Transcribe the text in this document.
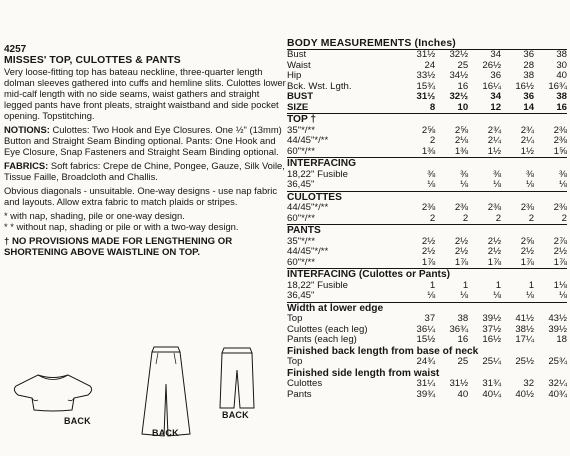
4257
MISSES' TOP, CULOTTES & PANTS

Very loose-fitting top has bateau neckline, three-quarter length dolman sleeves gathered into cuffs and hemline slits. Culottes lower mid-calf length with no side seams, waist gathers and straight legged pants have front pleats, straight waistband and side pocket opening. Topstitching.

NOTIONS: Culottes: Two Hook and Eye Closures. One ½" (13mm) Button and Straight Seam Binding optional. Pants: One Hook and Eye Closure, Snap Fasteners and Straight Seam Binding optional.

FABRICS: Soft fabrics: Crepe de Chine, Pongee, Gauze, Silk Voile, Tissue Faille, Broadcloth and Challis.

Obvious diagonals - unsuitable. One-way designs - use nap fabric and layouts. Allow extra fabric to match plaids or stripes.

* with nap, shading, pile or one-way design.

* * without nap, shading or pile or with a two-way design.

† NO PROVISIONS MADE FOR LENGTHENING OR SHORTENING ABOVE WAISTLINE ON TOP.
BACK
BACK
BACK
BODY MEASUREMENTS (Inches)
Bust	31½	32½	34	36	38
Waist	24	25	26½	28	30
Hip	33½	34½	36	38	40
Bck. Wst. Lgth.	15¾	16	16¼	16½	16¾
BUST	31½	32½	34	36	38
SIZE	8	10	12	14	16
TOP †					
35"*/**	2⅝	2⅝	2¾	2¾	2⅜
44/45"*/**	2	2⅛	2¼	2¼	2⅜
60"*/**	1⅜	1⅜	1½	1½	1⅝
INTERFACING					
18,22" Fusible	⅜	⅜	⅜	⅜	⅜
36,45"	⅛	⅛	⅛	⅛	⅛
CULOTTES					
44/45"*/**	2⅜	2⅜	2⅜	2⅜	2⅜
60"*/**	2	2	2	2	2
PANTS					
35"*/**	2½	2½	2½	2⅝	2⅞
44/45"*/**	2½	2½	2½	2½	2½
60"*/**	1⅞	1⅞	1⅞	1⅞	1⅞
INTERFACING (Culottes or Pants)					
18,22" Fusible	1	1	1	1	1⅛
36,45"	⅛	⅛	⅛	⅛	⅛
Width at lower edge					
Top	37	38	39½	41½	43½
Culottes (each leg)	36¼	36¾	37½	38½	39½
Pants (each leg)	15½	16	16½	17¼	18
Finished back length from base of neck					
Top	24¾	25	25¼	25½	25¾
Finished side length from waist					
Culottes	31¼	31½	31¾	32	32¼
Pants	39¾	40	40¼	40½	40¾
